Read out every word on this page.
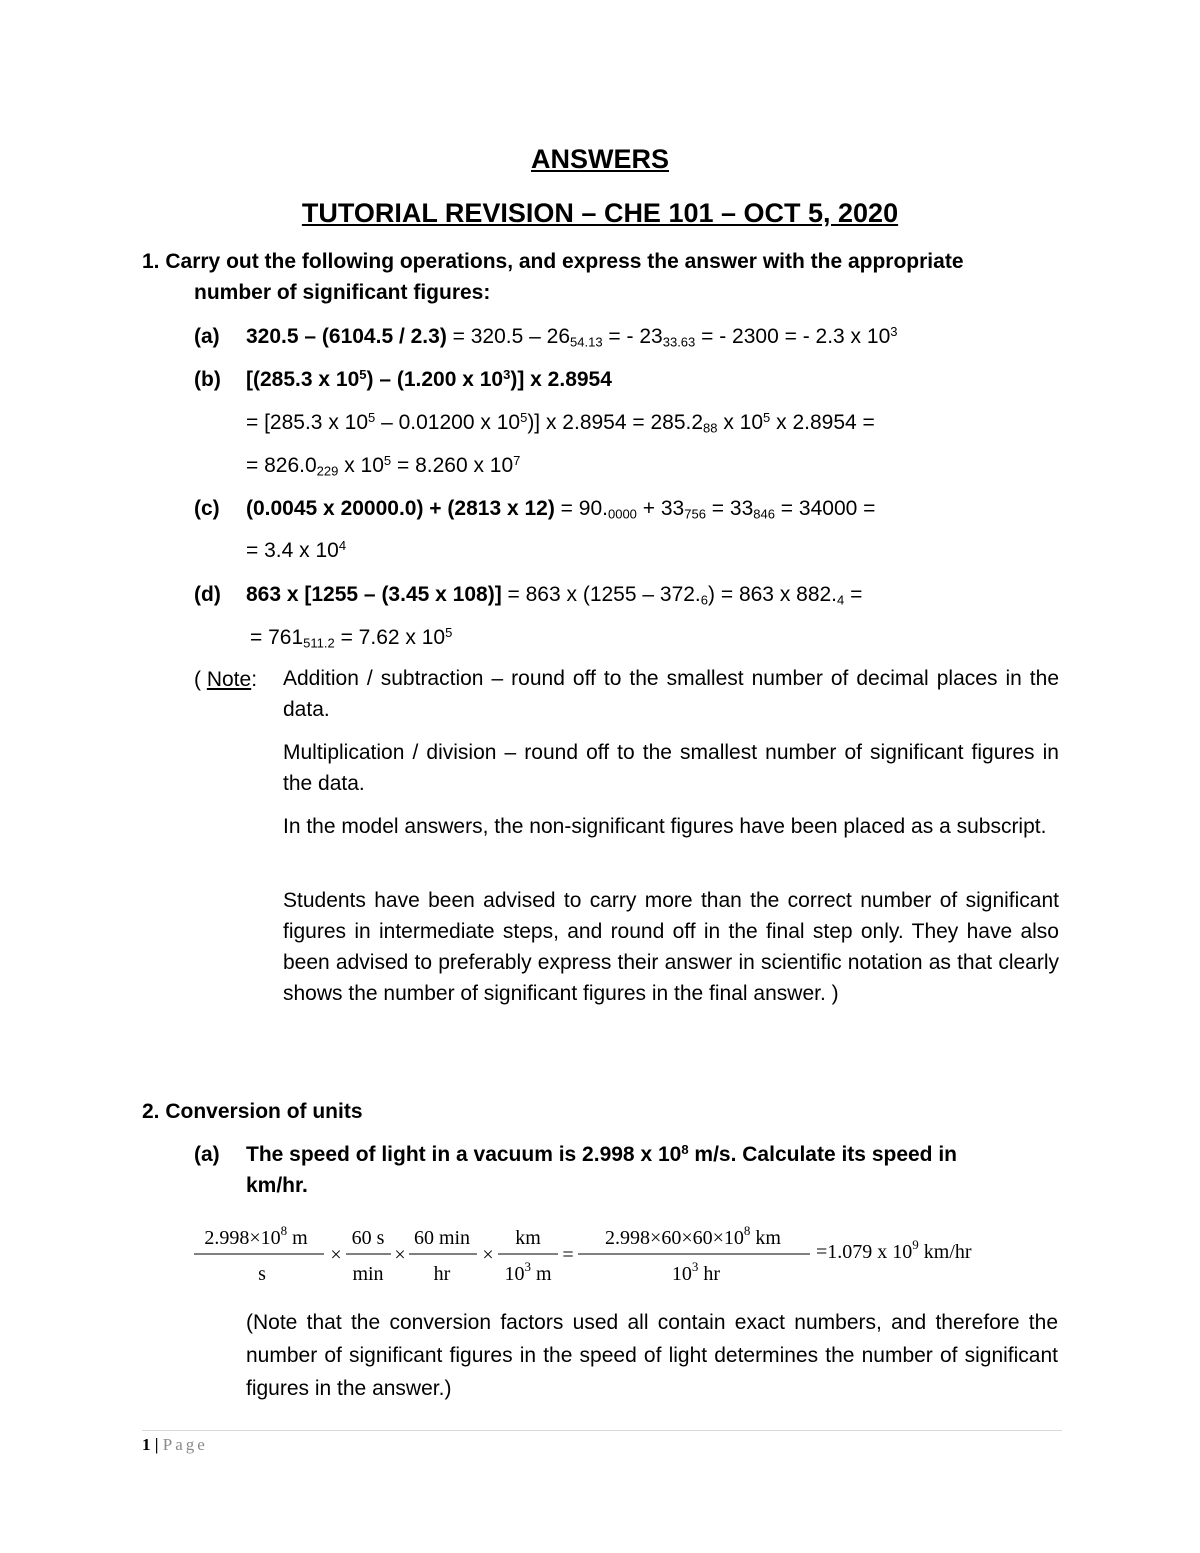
ANSWERS
TUTORIAL REVISION – CHE 101 – OCT 5, 2020
1. Carry out the following operations, and express the answer with the appropriate
number of significant figures:
(a) $320.5 - (6104.5 / 2.3) = 320.5 - 26_{54.13}$ = - $23_{33.63}$ = - 2300 = - 2.3 x $10^3$
(b) [(285.3 x $10^5) - (1.200$ x $10^3$)] x 2.8954
= [285.3 x $10^5 - 0.01200$ x $10^5$)] x $2.8954 = 285.2_{88}$ x $10^5$ x 2.8954 =
= $826.0_{229}$ x $10^5 = 8.260$ x $10^7$
(c) (0.0045 x 20000.0) + (2813 x $12) = 90._{0000} + 33_{756} = 33_{846} = 34000$ =
= 3.4 x $10^4$
(d) 863 x [1255 – (3.45 x 108)] = 863 x $(1255 - 372._6) = 863$ x $882._4$ =
= $761_{511.2} = 7.62$ x $10^5$
( Note: Addition / subtraction – round off to the smallest number of decimal places in the data.
Multiplication / division – round off to the smallest number of significant figures in the data.
In the model answers, the non-significant figures have been placed as a subscript.
Students have been advised to carry more than the correct number of significant figures in intermediate steps, and round off in the final step only. They have also been advised to preferably express their answer in scientific notation as that clearly shows the number of significant figures in the final answer. )
2. Conversion of units
(a) The speed of light in a vacuum is 2.998 x $10^8$ m/s. Calculate its speed in
km/hr.
$2.998\times 10^8$ m
s
×
60 s
min
×
60 min
hr
×
km
$10^3$ m
=
$2.998\times 60\times 60\times 10^8$ km
$10^3$ hr
=1.079 x $10^9$ km/hr
(Note that the conversion factors used all contain exact numbers, and therefore the number of significant figures in the speed of light determines the number of significant figures in the answer.)
1 | Page
